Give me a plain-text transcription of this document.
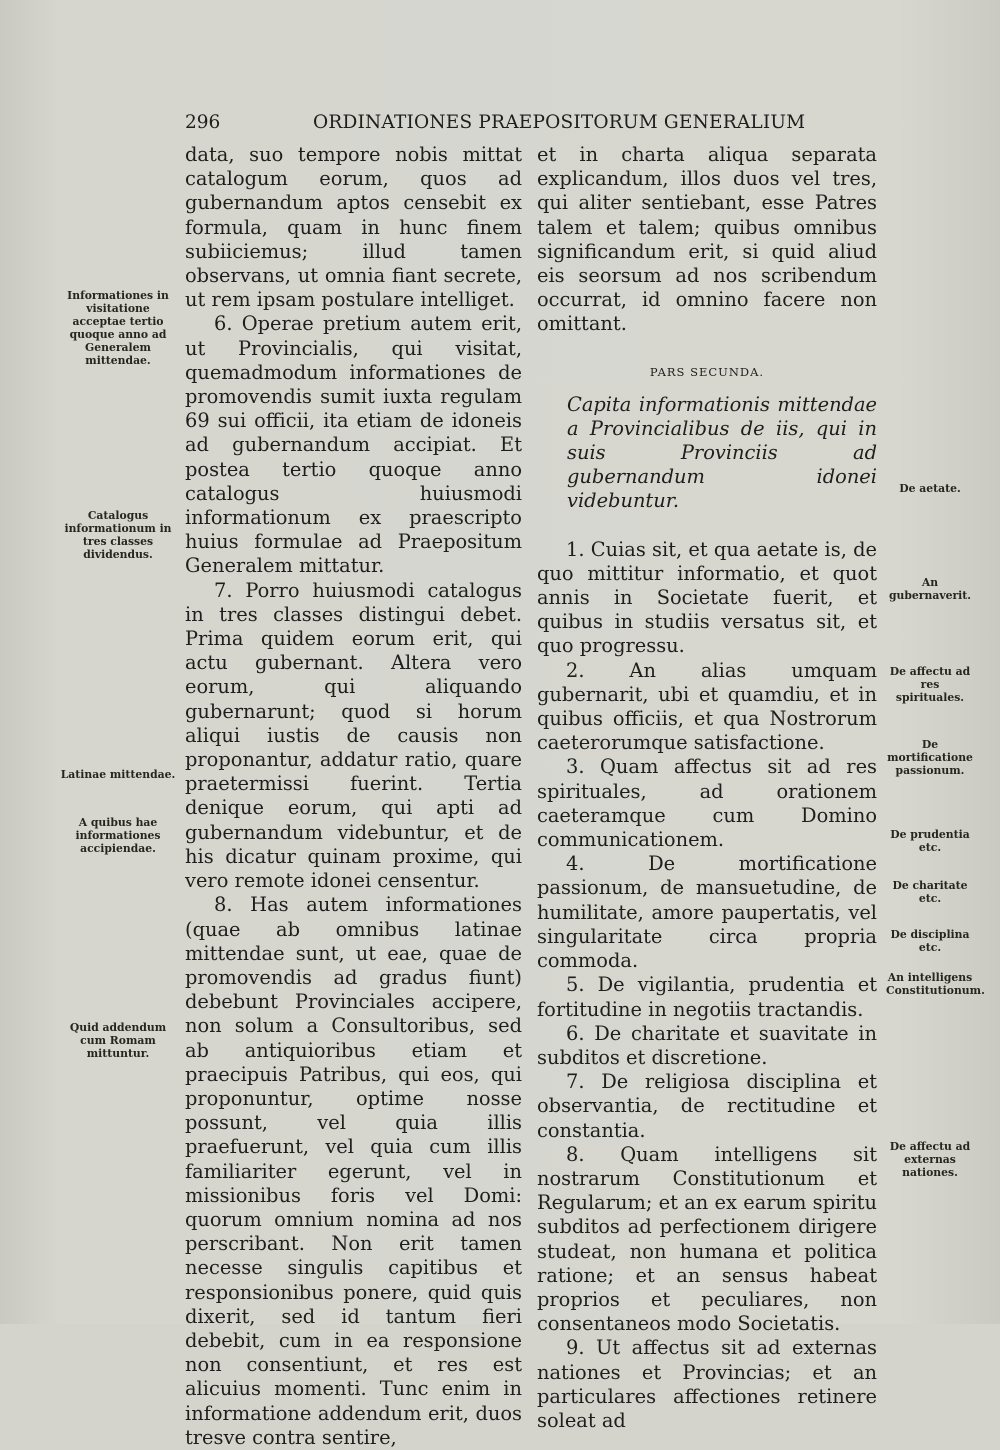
296	ORDINATIONES PRAEPOSITORUM GENERALIUM

data, suo tempore nobis mittat catalogum eorum, quos ad gubernandum aptos censebit ex formula, quam in hunc finem subiiciemus; illud tamen observans, ut omnia fiant secrete, ut rem ipsam postulare intelliget.

6. Operae pretium autem erit, ut Provincialis, qui visitat, quemadmodum informationes de promovendis sumit iuxta regulam 69 sui officii, ita etiam de idoneis ad gubernandum accipiat. Et postea tertio quoque anno catalogus huiusmodi informationum ex praescripto huius formulae ad Praepositum Generalem mittatur.

7. Porro huiusmodi catalogus in tres classes distingui debet. Prima quidem eorum erit, qui actu gubernant. Altera vero eorum, qui aliquando gubernarunt; quod si horum aliqui iustis de causis non proponantur, addatur ratio, quare praetermissi fuerint. Tertia denique eorum, qui apti ad gubernandum videbuntur, et de his dicatur quinam proxime, qui vero remote idonei censentur.

8. Has autem informationes (quae ab omnibus latinae mittendae sunt, ut eae, quae de promovendis ad gradus fiunt) debebunt Provinciales accipere, non solum a Consultoribus, sed ab antiquioribus etiam et praecipuis Patribus, qui eos, qui proponuntur, optime nosse possunt, vel quia illis praefuerunt, vel quia cum illis familiariter egerunt, vel in missionibus foris vel Domi: quorum omnium nomina ad nos perscribant. Non erit tamen necesse singulis capitibus et responsionibus ponere, quid quis dixerit, sed id tantum fieri debebit, cum in ea responsione non consentiunt, et res est alicuius momenti. Tunc enim in informatione addendum erit, duos tresve contra sentire,

et in charta aliqua separata explicandum, illos duos vel tres, qui aliter sentiebant, esse Patres talem et talem; quibus omnibus significandum erit, si quid aliud eis seorsum ad nos scribendum occurrat, id omnino facere non omittant.

PARS SECUNDA.

Capita informationis mittendae a Provincialibus de iis, qui in suis Provinciis ad gubernandum idonei videbuntur.

1. Cuias sit, et qua aetate is, de quo mittitur informatio, et quot annis in Societate fuerit, et quibus in studiis versatus sit, et quo progressu.

2. An alias umquam gubernarit, ubi et quamdiu, et in quibus officiis, et qua Nostrorum caeterorumque satisfactione.

3. Quam affectus sit ad res spirituales, ad orationem caeteramque cum Domino communicationem.

4. De mortificatione passionum, de mansuetudine, de humilitate, amore paupertatis, vel singularitate circa propria commoda.

5. De vigilantia, prudentia et fortitudine in negotiis tractandis.

6. De charitate et suavitate in subditos et discretione.

7. De religiosa disciplina et observantia, de rectitudine et constantia.

8. Quam intelligens sit nostrarum Constitutionum et Regularum; et an ex earum spiritu subditos ad perfectionem dirigere studeat, non humana et politica ratione; et an sensus habeat proprios et peculiares, non consentaneos modo Societatis.

9. Ut affectus sit ad externas nationes et Provincias; et an particulares affectiones retinere soleat ad

Informationes in visitatione acceptae tertio quoque anno ad Generalem mittendae.
Catalogus informationum in tres classes dividendus.
Latinae mittendae.
A quibus hae informationes accipiendae.
Quid addendum cum Romam mittuntur.
De aetate.
An gubernaverit.
De affectu ad res spirituales.
De mortificatione passionum.
De prudentia etc.
De charitate etc.
De disciplina etc.
An intelligens Constitutionum.
De affectu ad externas nationes.
